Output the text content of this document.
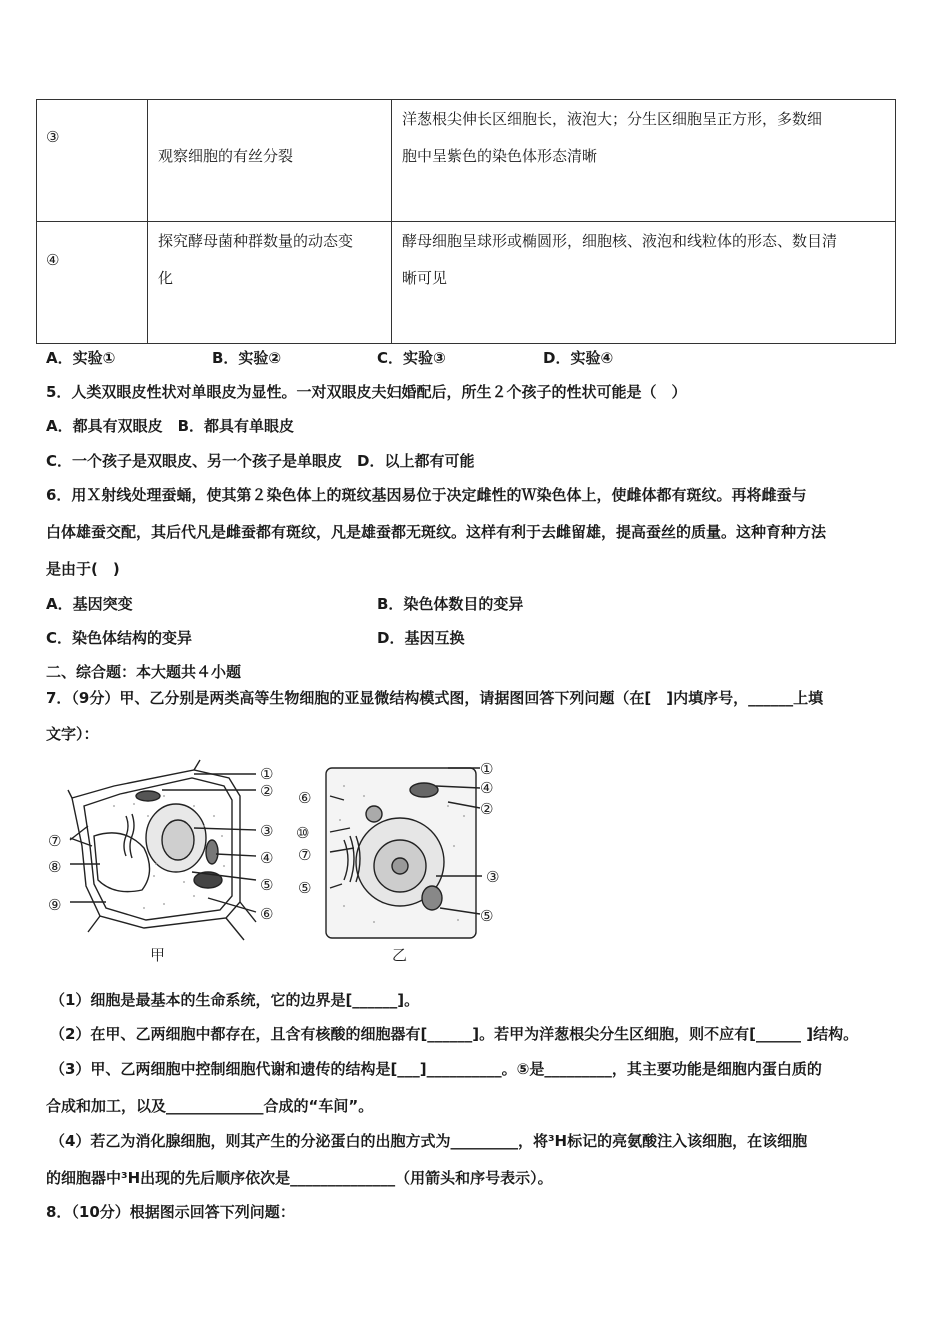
③	观察细胞的有丝分裂	洋葱根尖伸长区细胞长，液泡大；分生区细胞呈正方形，多数细
胞中呈紫色的染色体形态清晰

④	探究酵母菌种群数量的动态变
化	酵母细胞呈球形或椭圆形，细胞核、液泡和线粒体的形态、数目清
晰可见
A．实验①	B．实验②	C．实验③	D．实验④
5．人类双眼皮性状对单眼皮为显性。一对双眼皮夫妇婚配后，所生２个孩子的性状可能是（　）
A．都具有双眼皮　B．都具有单眼皮
C．一个孩子是双眼皮、另一个孩子是单眼皮　D．以上都有可能
6．用Ｘ射线处理蚕蛹，使其第２染色体上的斑纹基因易位于决定雌性的Ｗ染色体上，使雌体都有斑纹。再将雌蚕与
白体雄蚕交配，其后代凡是雌蚕都有斑纹，凡是雄蚕都无斑纹。这样有利于去雌留雄，提高蚕丝的质量。这种育种方法
是由于(　)
A．基因突变	B．染色体数目的变异
C．染色体结构的变异	D．基因互换
二、综合题：本大题共４小题
7．（9分）甲、乙分别是两类高等生物细胞的亚显微结构模式图，请据图回答下列问题（在[　]内填序号，______上填
文字）：
①
②
③
④
⑤
⑥
⑦
⑧
⑨
①
④
②
⑥
⑩
⑦
⑤
③
⑤
甲	乙
（1）细胞是最基本的生命系统，它的边界是[______]。
（2）在甲、乙两细胞中都存在，且含有核酸的细胞器有[______]。若甲为洋葱根尖分生区细胞，则不应有[______ ]结构。
（3）甲、乙两细胞中控制细胞代谢和遗传的结构是[___]__________。⑤是_________，其主要功能是细胞内蛋白质的
合成和加工，以及_____________合成的“车间”。
（4）若乙为消化腺细胞，则其产生的分泌蛋白的出胞方式为_________，将³H标记的亮氨酸注入该细胞，在该细胞
的细胞器中³H出现的先后顺序依次是______________（用箭头和序号表示）。
8．（10分）根据图示回答下列问题：
